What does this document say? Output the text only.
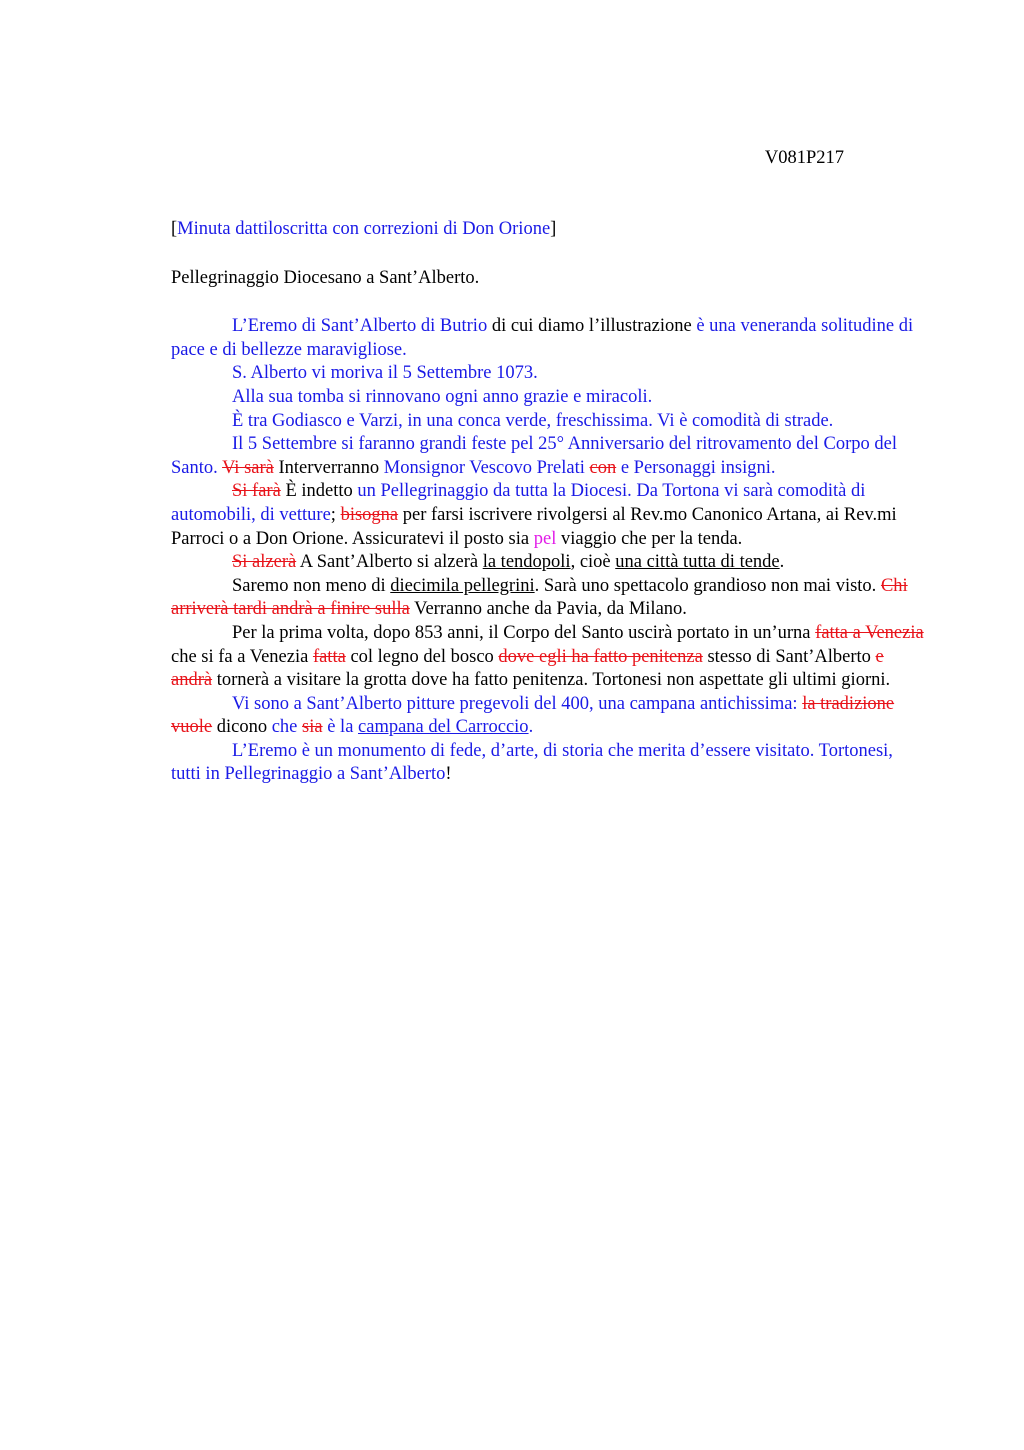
V081P217

[Minuta dattiloscritta con correzioni di Don Orione]

Pellegrinaggio Diocesano a Sant’Alberto.

L’Eremo di Sant’Alberto di Butrio di cui diamo l’illustrazione è una veneranda solitudine di pace e di bellezze maravigliose.

S. Alberto vi moriva il 5 Settembre 1073.

Alla sua tomba si rinnovano ogni anno grazie e miracoli.

È tra Godiasco e Varzi, in una conca verde, freschissima. Vi è comodità di strade.

Il 5 Settembre si faranno grandi feste pel 25° Anniversario del ritrovamento del Corpo del Santo. Vi sarà Interverranno Monsignor Vescovo Prelati con e Personaggi insigni.

Si farà È indetto un Pellegrinaggio da tutta la Diocesi. Da Tortona vi sarà comodità di automobili, di vetture; bisogna per farsi iscrivere rivolgersi al Rev.mo Canonico Artana, ai Rev.mi Parroci o a Don Orione. Assicuratevi il posto sia pel viaggio che per la tenda.

Si alzerà A Sant’Alberto si alzerà la tendopoli, cioè una città tutta di tende.

Saremo non meno di diecimila pellegrini. Sarà uno spettacolo grandioso non mai visto. Chi arriverà tardi andrà a finire sulla Verranno anche da Pavia, da Milano.

Per la prima volta, dopo 853 anni, il Corpo del Santo uscirà portato in un’urna fatta a Venezia che si fa a Venezia fatta col legno del bosco dove egli ha fatto penitenza stesso di Sant’Alberto e andrà tornerà a visitare la grotta dove ha fatto penitenza. Tortonesi non aspettate gli ultimi giorni.

Vi sono a Sant’Alberto pitture pregevoli del 400, una campana antichissima: la tradizione vuole dicono che sia è la campana del Carroccio.

L’Eremo è un monumento di fede, d’arte, di storia che merita d’essere visitato. Tortonesi, tutti in Pellegrinaggio a Sant’Alberto!
